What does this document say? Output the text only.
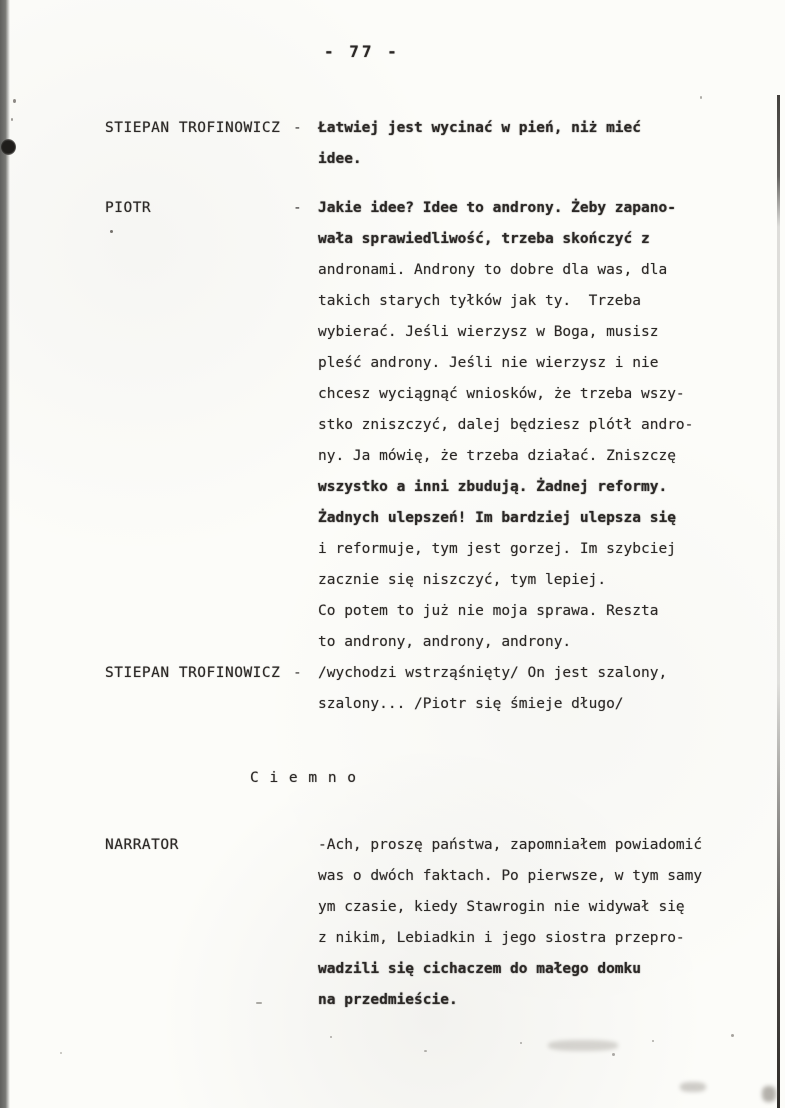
- 77 -
STIEPAN TROFINOWICZ - Łatwiej jest wycinać w pień, niż mieć
idee.
PIOTR	- Jakie idee? Idee to androny. Żeby zapano-
wała sprawiedliwość, trzeba skończyć z
andronami. Androny to dobre dla was, dla
takich starych tyłków jak ty.  Trzeba
wybierać. Jeśli wierzysz w Boga, musisz
pleść androny. Jeśli nie wierzysz i nie
chcesz wyciągnąć wniosków, że trzeba wszy-
stko zniszczyć, dalej będziesz plótł andro-
ny. Ja mówię, że trzeba działać. Zniszczę
wszystko a inni zbudują. Żadnej reformy.
Żadnych ulepszeń! Im bardziej ulepsza się
i reformuje, tym jest gorzej. Im szybciej
zacznie się niszczyć, tym lepiej.
Co potem to już nie moja sprawa. Reszta
to androny, androny, androny.
STIEPAN TROFINOWICZ - /wychodzi wstrząśnięty/ On jest szalony,
szalony... /Piotr się śmieje długo/
C i e m n o
NARRATOR	-Ach, proszę państwa, zapomniałem powiadomić
was o dwóch faktach. Po pierwsze, w tym samy
ym czasie, kiedy Stawrogin nie widywał się
z nikim, Lebiadkin i jego siostra przepro-
wadzili się cichaczem do małego domku
na przedmieście.
